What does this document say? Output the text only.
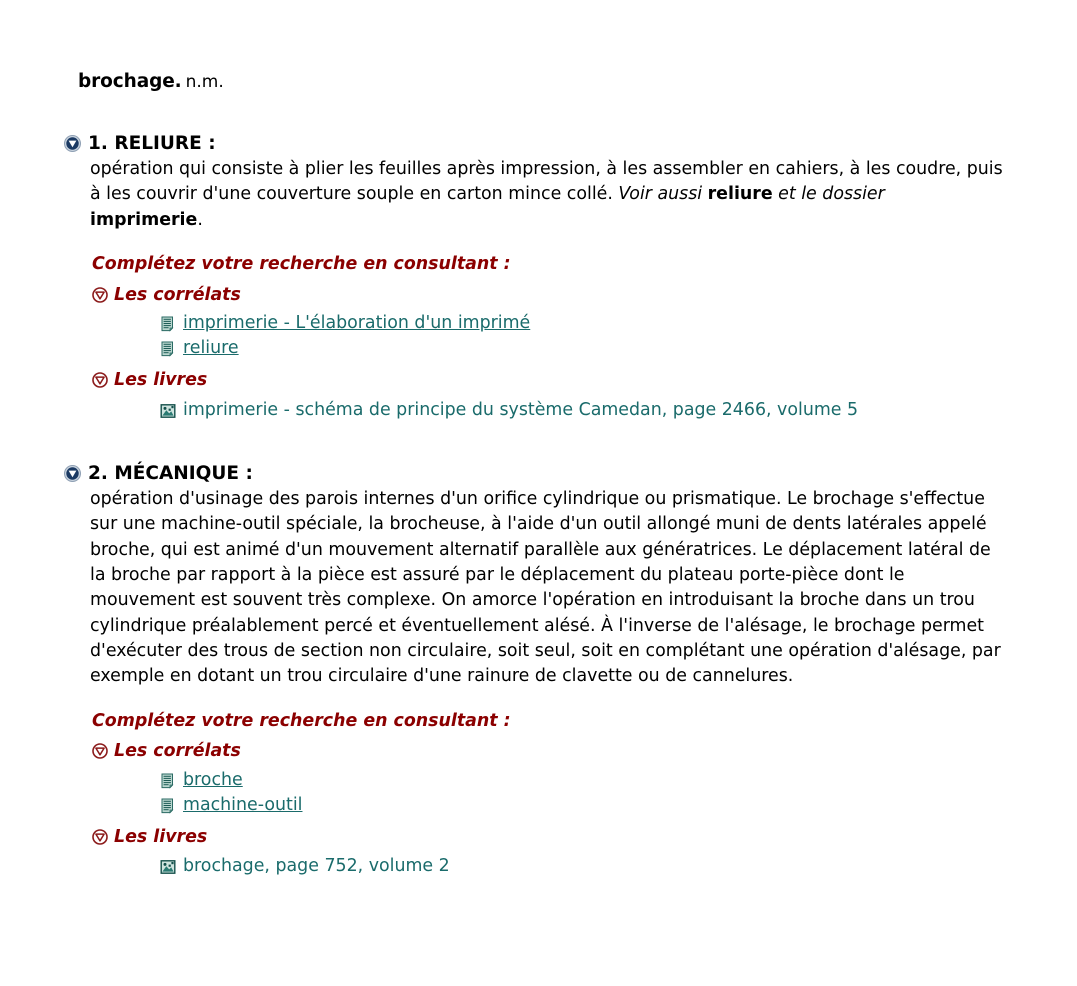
brochage. n.m.
1. RELIURE :
opération qui consiste à plier les feuilles après impression, à les assembler en cahiers, à les coudre, puis à les couvrir d'une couverture souple en carton mince collé. Voir aussi reliure et le dossier imprimerie.
Complétez votre recherche en consultant :
Les corrélats
imprimerie - L'élaboration d'un imprimé
reliure
Les livres
imprimerie - schéma de principe du système Camedan, page 2466, volume 5
2. MÉCANIQUE :
opération d'usinage des parois internes d'un orifice cylindrique ou prismatique. Le brochage s'effectue sur une machine-outil spéciale, la brocheuse, à l'aide d'un outil allongé muni de dents latérales appelé broche, qui est animé d'un mouvement alternatif parallèle aux génératrices. Le déplacement latéral de la broche par rapport à la pièce est assuré par le déplacement du plateau porte-pièce dont le mouvement est souvent très complexe. On amorce l'opération en introduisant la broche dans un trou cylindrique préalablement percé et éventuellement alésé. À l'inverse de l'alésage, le brochage permet d'exécuter des trous de section non circulaire, soit seul, soit en complétant une opération d'alésage, par exemple en dotant un trou circulaire d'une rainure de clavette ou de cannelures.
Complétez votre recherche en consultant :
Les corrélats
broche
machine-outil
Les livres
brochage, page 752, volume 2
